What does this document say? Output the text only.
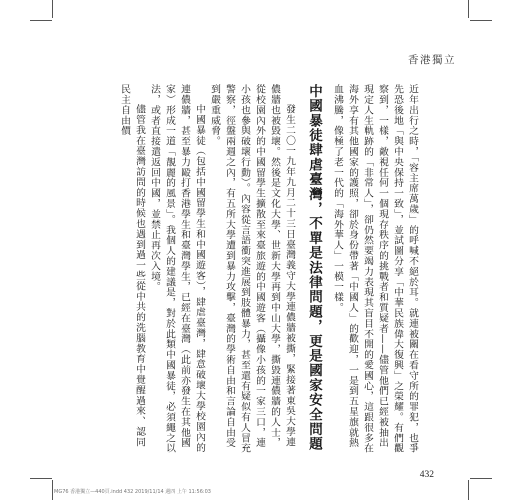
香港獨立

近年出行之時，「容主席萬歲」的呼喊不絕於耳。就連被關在看守所的罪犯，也爭先恐後地「與中央保持一致」，並試圖分享「中華民族偉大復興」之榮耀。有們觀察到，一樣，敵視任何一個現存秩序的挑戰者和質疑者——儘管他們已經被抽出現定人生軌跡的「非常人」，卻仍然要竭力表現其盲目不開的愛國心，這跟很多在海外享有其他國家的護照，卻於身份帶著「中國人」的歡迎，一是到五星旗就熱血沸騰，像極了老一代的「海外華人」一模一樣。

中國暴徒肆虐臺灣，不單是法律問題，更是國家安全問題

發生二〇一九年九月二十三日臺灣義守大學連儂牆被撕，緊接著東吳大學連儂牆也被毀壞。然後是文化大學、世新大學再到中山大學，撕毀連儂牆的人士，從校園內外的中國留學生擴散至來臺旅遊的中國遊客（攝像小孩的一家三口，連小孩也參與破壞行動）。內容從言語衝突進展到肢體暴力，甚至還有疑似有人冒充警察，徑盤兩週之內，有五所大學遭到暴力攻擊，臺灣的學術自由和言論自由受到嚴重威脅。

中國暴徒（包括中國留學生和中國遊客），肆虐臺灣，肆意破壞大學校園內的連儂牆，甚至暴力毆打香港學生和臺灣學生，已經在臺灣（此前亦發生在其他國家）形成一道「靚麗的風景」。我個人的建議是，對於此類中國暴徒，必須繩之以法，或者直接遣返回中國，並禁止再次入境。

儘管我在臺灣訪問的時候也遇到過一些從中共的洗腦教育中覺醒過來、認同民主自由價

432

MG76 香港獨立—440頁.indd 432 2019/11/14 週四 上午 11:56:03
